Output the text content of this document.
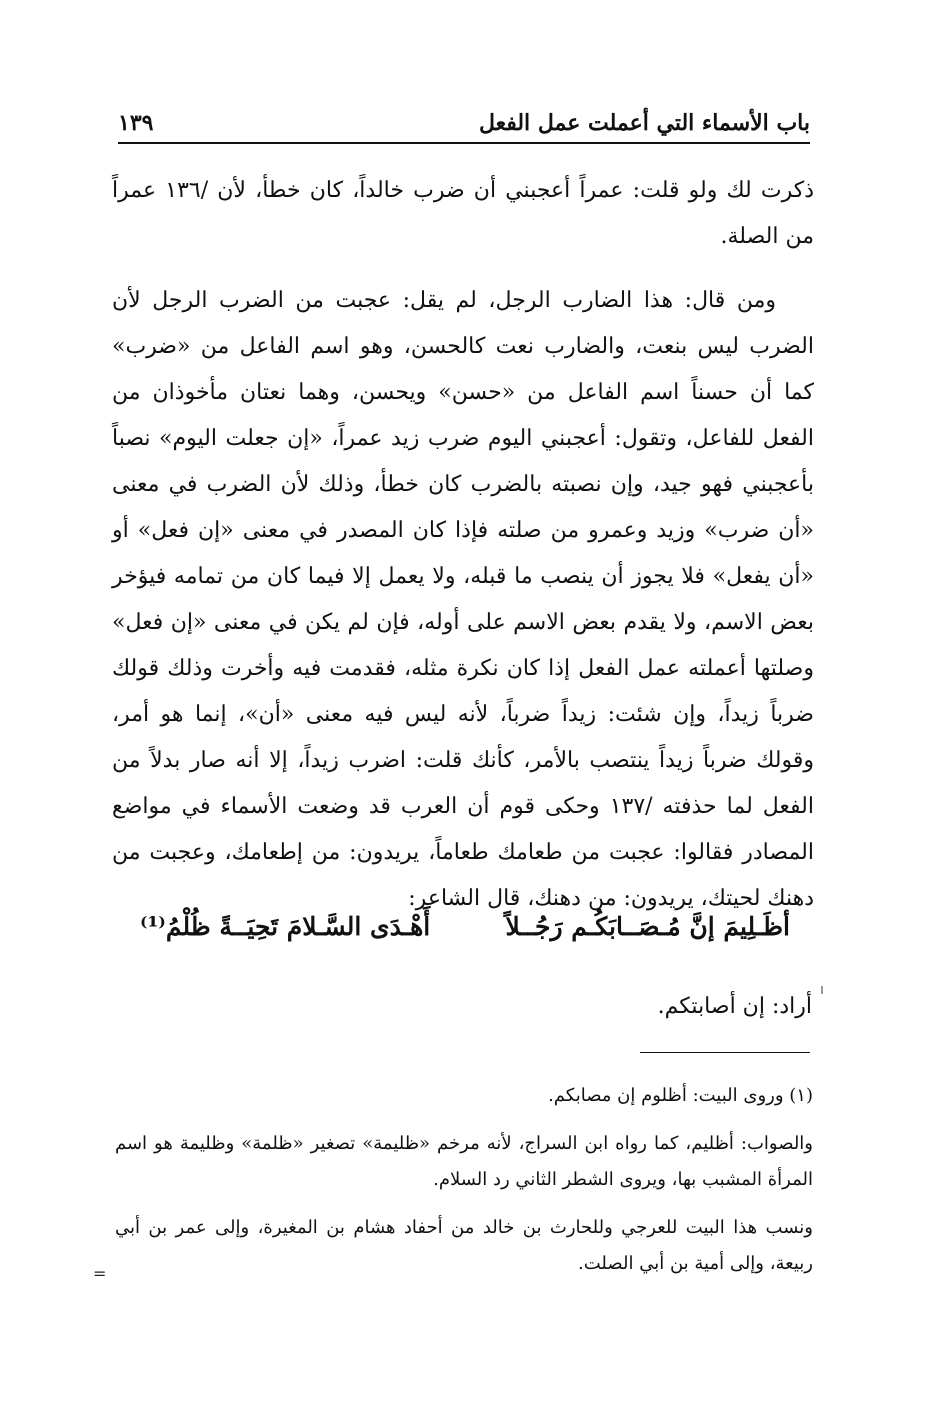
باب الأسماء التي أعملت عمل الفعل
١٣٩

ذكرت لك ولو قلت: عمراً أعجبني أن ضرب خالداً، كان خطأ، لأن /١٣٦ عمراً من الصلة.

ومن قال: هذا الضارب الرجل، لم يقل: عجبت من الضرب الرجل لأن الضرب ليس بنعت، والضارب نعت كالحسن، وهو اسم الفاعل من «ضرب» كما أن حسناً اسم الفاعل من «حسن» ويحسن، وهما نعتان مأخوذان من الفعل للفاعل، وتقول: أعجبني اليوم ضرب زيد عمراً، «إن جعلت اليوم» نصباً بأعجبني فهو جيد، وإن نصبته بالضرب كان خطأ، وذلك لأن الضرب في معنى «أن ضرب» وزيد وعمرو من صلته فإذا كان المصدر في معنى «إن فعل» أو «أن يفعل» فلا يجوز أن ينصب ما قبله، ولا يعمل إلا فيما كان من تمامه فيؤخر بعض الاسم، ولا يقدم بعض الاسم على أوله، فإن لم يكن في معنى «إن فعل» وصلتها أعملته عمل الفعل إذا كان نكرة مثله، فقدمت فيه وأخرت وذلك قولك ضرباً زيداً، وإن شئت: زيداً ضرباً، لأنه ليس فيه معنى «أن»، إنما هو أمر، وقولك ضرباً زيداً ينتصب بالأمر، كأنك قلت: اضرب زيداً، إلا أنه صار بدلاً من الفعل لما حذفته /١٣٧ وحكى قوم أن العرب قد وضعت الأسماء في مواضع المصادر فقالوا: عجبت من طعامك طعاماً، يريدون: من إطعامك، وعجبت من دهنك لحيتك، يريدون: من دهنك، قال الشاعر:

أظَـلِيمَ إنَّ مُـصَــابَكُـم رَجُــلاً
أَهْـدَى السَّـلامَ تَحِيَــةً ظُلْمُ⁽¹⁾
أراد: إن أصابتكم.

(١) وروى البيت: أظلوم إن مصابكم.

والصواب: أظليم، كما رواه ابن السراج، لأنه مرخم «ظليمة» تصغير «ظلمة» وظليمة هو اسم المرأة المشبب بها، ويروى الشطر الثاني رد السلام.

ونسب هذا البيت للعرجي وللحارث بن خالد من أحفاد هشام بن المغيرة، وإلى عمر بن أبي ربيعة، وإلى أمية بن أبي الصلت.

=
